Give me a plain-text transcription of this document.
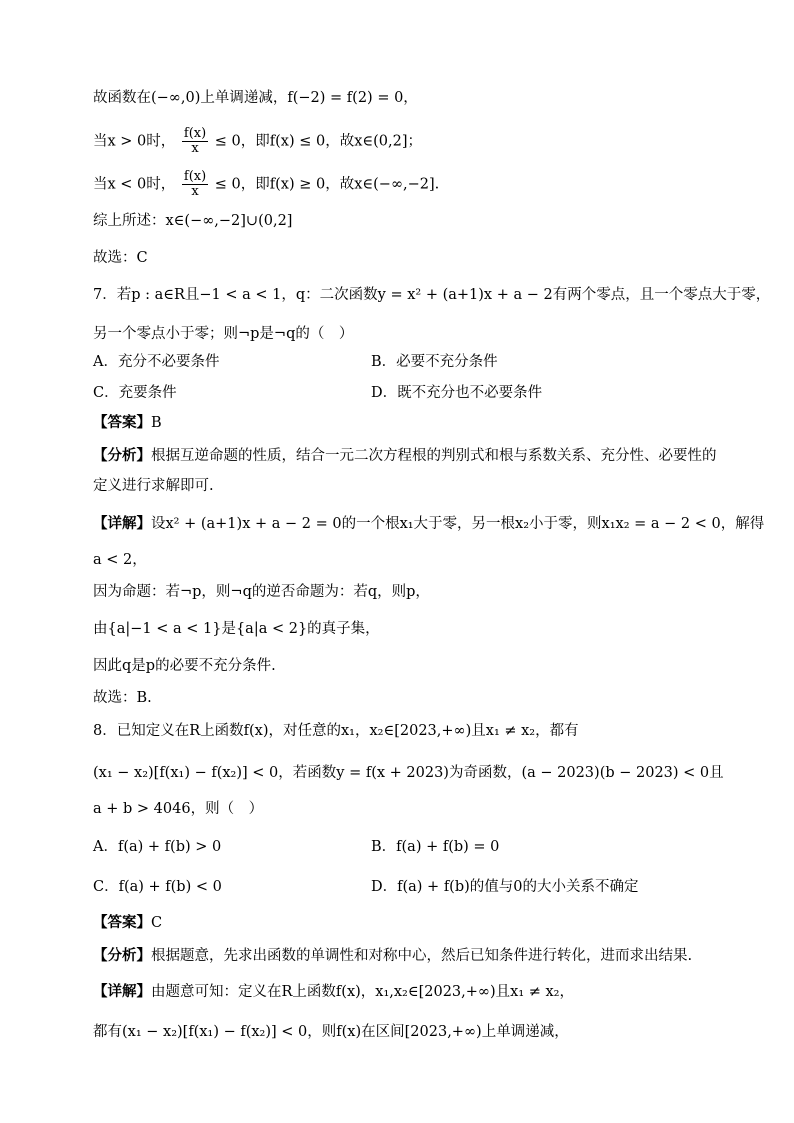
故函数在(−∞,0)上单调递减，f(−2) = f(2) = 0，
当x > 0时， $\frac{f(x)}{x} \le 0$，即f(x) ≤ 0，故x∈(0,2]；
当x < 0时， $\frac{f(x)}{x} \le 0$，即f(x) ≥ 0，故x∈(−∞,−2].
综上所述：x∈(−∞,−2]∪(0,2]
故选：C
7．若p : a∈R且−1 < a < 1，q：二次函数y = x² + (a+1)x + a − 2有两个零点，且一个零点大于零，
另一个零点小于零；则¬p是¬q的（　）
A．充分不必要条件	B．必要不充分条件
C．充要条件	D．既不充分也不必要条件
【答案】B
【分析】根据互逆命题的性质，结合一元二次方程根的判别式和根与系数关系、充分性、必要性的
定义进行求解即可.
【详解】设x² + (a+1)x + a − 2 = 0的一个根x₁大于零，另一根x₂小于零，则x₁x₂ = a − 2 < 0，解得
a < 2，
因为命题：若¬p，则¬q的逆否命题为：若q，则p，
由{a|−1 < a < 1}是{a|a < 2}的真子集，
因此q是p的必要不充分条件.
故选：B.
8．已知定义在R上函数f(x)，对任意的x₁，x₂∈[2023,+∞)且x₁ ≠ x₂，都有
(x₁ − x₂)[f(x₁) − f(x₂)] < 0，若函数y = f(x + 2023)为奇函数，(a − 2023)(b − 2023) < 0且
a + b > 4046，则（　）
A．f(a) + f(b) > 0	B．f(a) + f(b) = 0
C．f(a) + f(b) < 0	D．f(a) + f(b)的值与0的大小关系不确定
【答案】C
【分析】根据题意，先求出函数的单调性和对称中心，然后已知条件进行转化，进而求出结果.
【详解】由题意可知：定义在R上函数f(x)，x₁,x₂∈[2023,+∞)且x₁ ≠ x₂，
都有(x₁ − x₂)[f(x₁) − f(x₂)] < 0，则f(x)在区间[2023,+∞)上单调递减，
